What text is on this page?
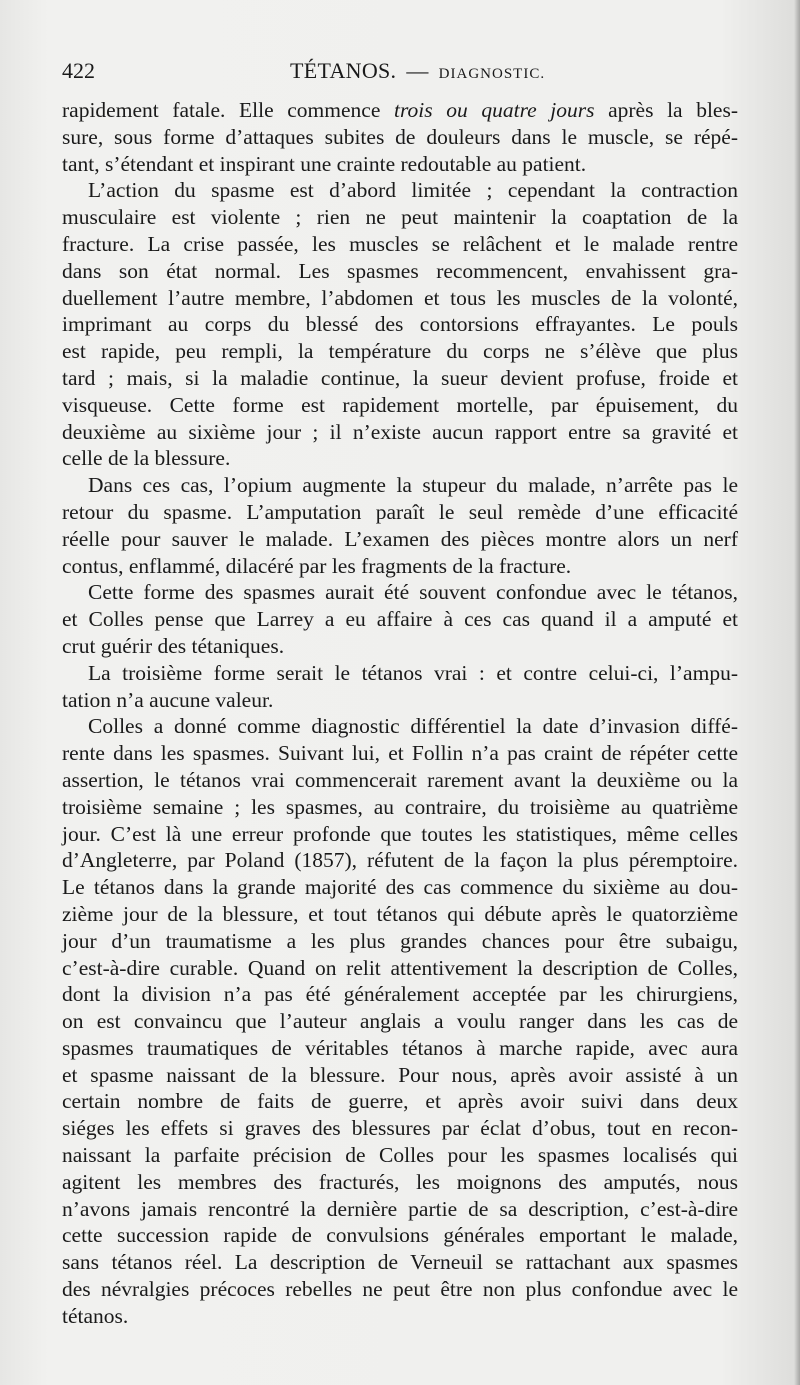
422	TÉTANOS. — DIAGNOSTIC.
rapidement fatale. Elle commence trois ou quatre jours après la bles-
sure, sous forme d’attaques subites de douleurs dans le muscle, se répé-
tant, s’étendant et inspirant une crainte redoutable au patient.
L’action du spasme est d’abord limitée ; cependant la contraction
musculaire est violente ; rien ne peut maintenir la coaptation de la
fracture. La crise passée, les muscles se relâchent et le malade rentre
dans son état normal. Les spasmes recommencent, envahissent gra-
duellement l’autre membre, l’abdomen et tous les muscles de la volonté,
imprimant au corps du blessé des contorsions effrayantes. Le pouls
est rapide, peu rempli, la température du corps ne s’élève que plus
tard ; mais, si la maladie continue, la sueur devient profuse, froide et
visqueuse. Cette forme est rapidement mortelle, par épuisement, du
deuxième au sixième jour ; il n’existe aucun rapport entre sa gravité et
celle de la blessure.
Dans ces cas, l’opium augmente la stupeur du malade, n’arrête pas le
retour du spasme. L’amputation paraît le seul remède d’une efficacité
réelle pour sauver le malade. L’examen des pièces montre alors un nerf
contus, enflammé, dilacéré par les fragments de la fracture.
Cette forme des spasmes aurait été souvent confondue avec le tétanos,
et Colles pense que Larrey a eu affaire à ces cas quand il a amputé et
crut guérir des tétaniques.
La troisième forme serait le tétanos vrai : et contre celui-ci, l’ampu-
tation n’a aucune valeur.
Colles a donné comme diagnostic différentiel la date d’invasion diffé-
rente dans les spasmes. Suivant lui, et Follin n’a pas craint de répéter cette
assertion, le tétanos vrai commencerait rarement avant la deuxième ou la
troisième semaine ; les spasmes, au contraire, du troisième au quatrième
jour. C’est là une erreur profonde que toutes les statistiques, même celles
d’Angleterre, par Poland (1857), réfutent de la façon la plus péremptoire.
Le tétanos dans la grande majorité des cas commence du sixième au dou-
zième jour de la blessure, et tout tétanos qui débute après le quatorzième
jour d’un traumatisme a les plus grandes chances pour être subaigu,
c’est-à-dire curable. Quand on relit attentivement la description de Colles,
dont la division n’a pas été généralement acceptée par les chirurgiens,
on est convaincu que l’auteur anglais a voulu ranger dans les cas de
spasmes traumatiques de véritables tétanos à marche rapide, avec aura
et spasme naissant de la blessure. Pour nous, après avoir assisté à un
certain nombre de faits de guerre, et après avoir suivi dans deux
siéges les effets si graves des blessures par éclat d’obus, tout en recon-
naissant la parfaite précision de Colles pour les spasmes localisés qui
agitent les membres des fracturés, les moignons des amputés, nous
n’avons jamais rencontré la dernière partie de sa description, c’est-à-dire
cette succession rapide de convulsions générales emportant le malade,
sans tétanos réel. La description de Verneuil se rattachant aux spasmes
des névralgies précoces rebelles ne peut être non plus confondue avec le
tétanos.
